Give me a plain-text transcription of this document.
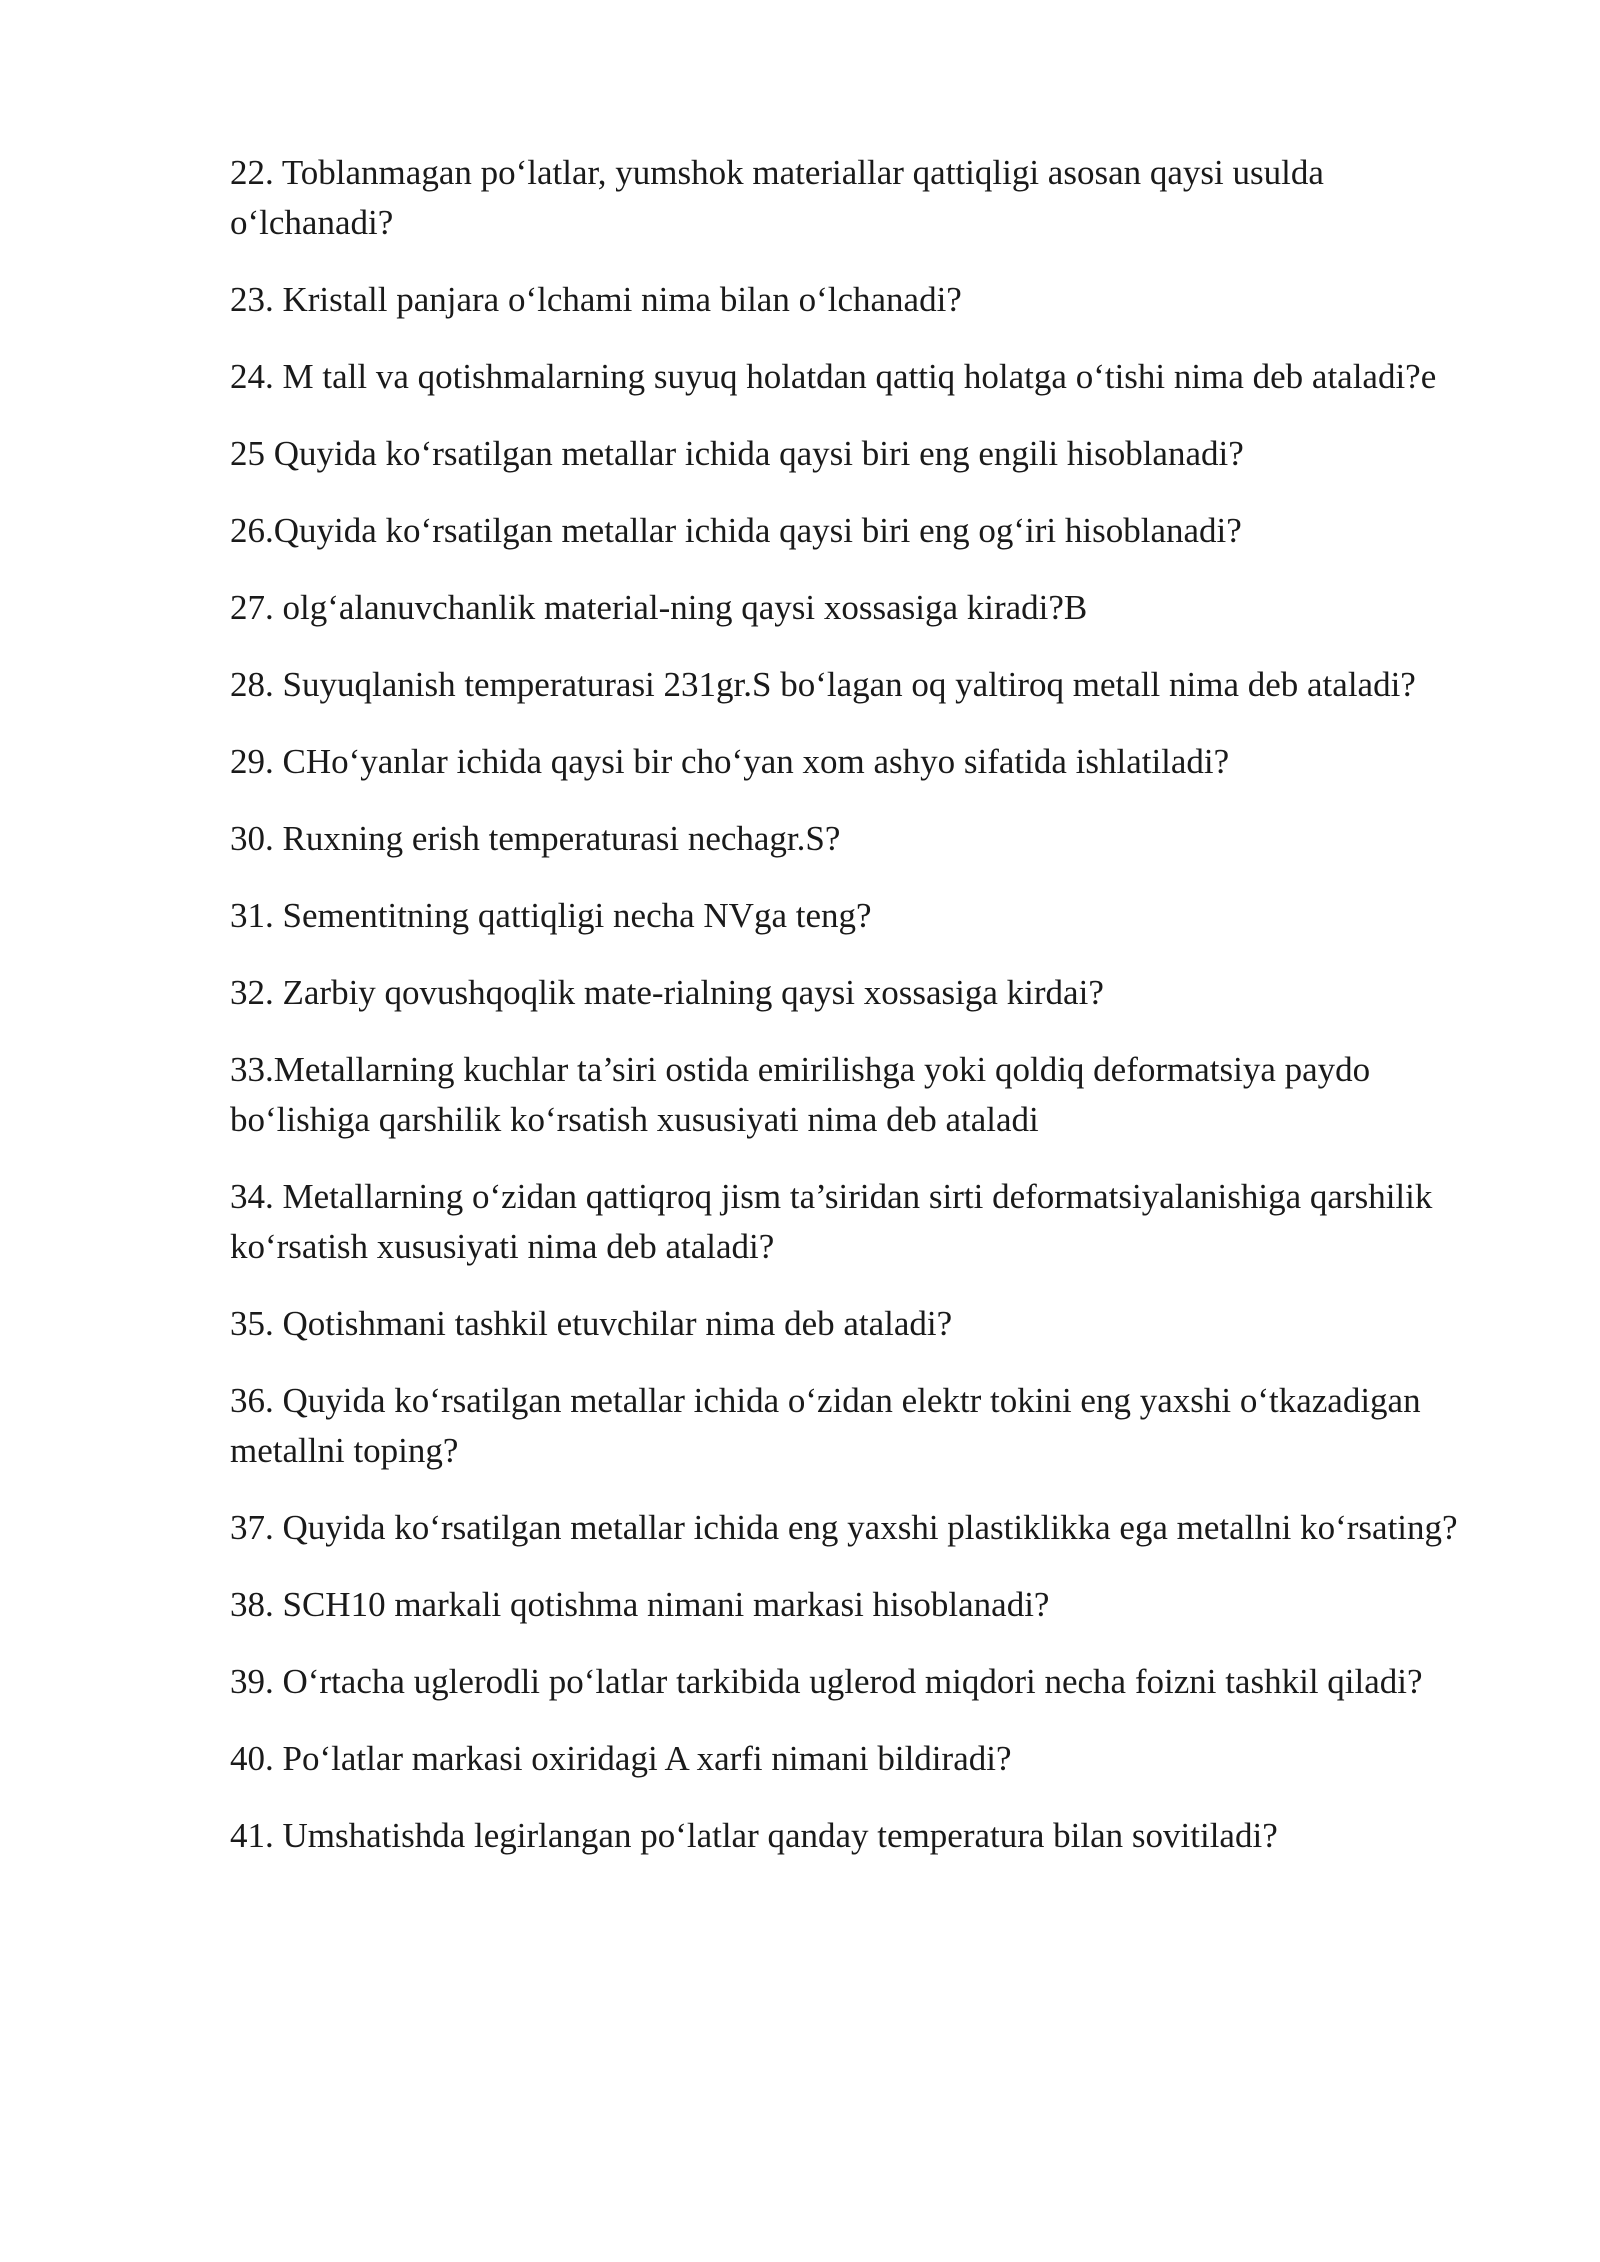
22. Toblanmagan po‘latlar, yumshok materiallar qattiqligi asosan qaysi usulda o‘lchanadi?

23. Kristall panjara o‘lchami nima bilan o‘lchanadi?

24. M tall va qotishmalarning suyuq holatdan qattiq holatga o‘tishi nima deb ataladi?e

25 Quyida ko‘rsatilgan metallar ichida qaysi biri eng engili hisoblanadi?

26.Quyida ko‘rsatilgan metallar ichida qaysi biri eng og‘iri hisoblanadi?

27. olg‘alanuvchanlik material-ning qaysi xossasiga kiradi?B

28. Suyuqlanish temperaturasi 231gr.S bo‘lagan oq yaltiroq metall nima deb ataladi?

29. CHo‘yanlar ichida qaysi bir cho‘yan xom ashyo sifatida ishlatiladi?

30. Ruxning erish temperaturasi nechagr.S?

31. Sementitning qattiqligi necha NVga teng?

32. Zarbiy qovushqoqlik mate-rialning qaysi xossasiga kirdai?

33.Metallarning kuchlar ta’siri ostida emirilishga yoki qoldiq deformatsiya paydo bo‘lishiga qarshilik ko‘rsatish xususiyati nima deb ataladi

34. Metallarning o‘zidan qattiqroq jism ta’siridan sirti deformatsiyalanishiga qarshilik ko‘rsatish xususiyati nima deb ataladi?

35. Qotishmani tashkil etuvchilar nima deb ataladi?

36. Quyida ko‘rsatilgan metallar ichida o‘zidan elektr tokini eng yaxshi o‘tkazadigan metallni toping?

37. Quyida ko‘rsatilgan metallar ichida eng yaxshi plastiklikka ega metallni ko‘rsating?

38. SCH10 markali qotishma nimani markasi hisoblanadi?

39. O‘rtacha uglerodli po‘latlar tarkibida uglerod miqdori necha foizni tashkil qiladi?

40. Po‘latlar markasi oxiridagi A xarfi nimani bildiradi?

41. Umshatishda legirlangan po‘latlar qanday temperatura bilan sovitiladi?
